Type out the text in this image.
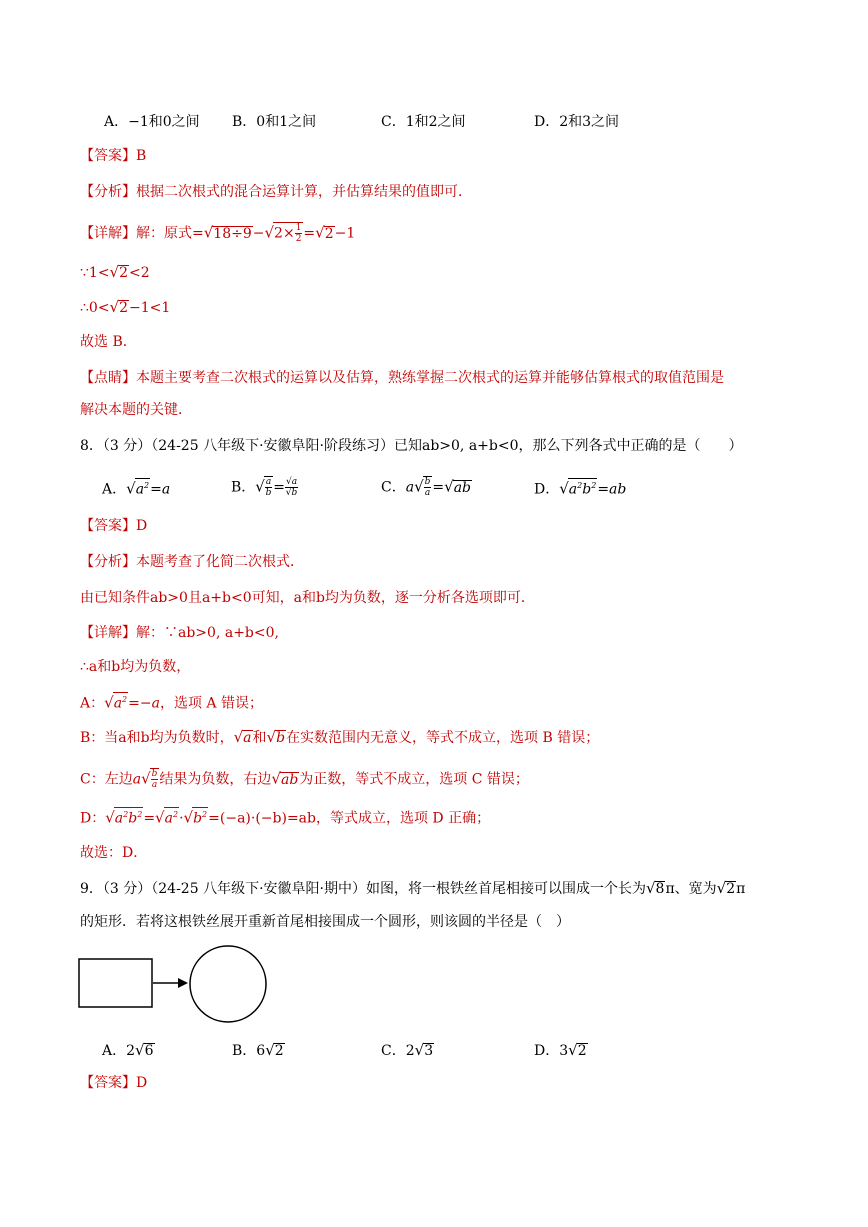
A．−1和0之间 B．0和1之间	C．1和2之间	D．2和3之间
【答案】B
【分析】根据二次根式的混合运算计算，并估算结果的值即可．
【详解】解：原式$=√18\div 9-√2\times \frac{1}{2} =√2-1$
∵1<√2<2
∴0<√2−1<1
故选 B．
【点睛】本题主要考查二次根式的运算以及估算，熟练掌握二次根式的运算并能够估算根式的取值范围是
解决本题的关键．
8．（3 分）（24-25 八年级下·安徽阜阳·阶段练习）已知ab>0, a+b<0，那么下列各式中正确的是（　　）
A．$√a^2=a$	B．√ $\frac{a}{b} = \frac{√a}{√b}$	C．$a√ \frac{b}{a} =√ab$	D．$√a^2b^2=ab$
【答案】D
【分析】本题考查了化简二次根式．
由已知条件ab>0且a+b<0可知，a和b均为负数，逐一分析各选项即可．
【详解】解：∵ab>0, a+b<0,
∴a和b均为负数，
A：$√a^2=-a$，选项 A 错误；
B：当a和b均为负数时，√a和√b在实数范围内无意义，等式不成立，选项 B 错误；
C：左边$a√ \frac{b}{a}$ 结果为负数，右边√ab为正数，等式不成立，选项 C 错误；
D：$√a^2b^2=√a^2\cdot√b^2=(-a)\cdot(-b)=ab$，等式成立，选项 D 正确；
故选：D．
9．（3 分）（24-25 八年级下·安徽阜阳·期中）如图，将一根铁丝首尾相接可以围成一个长为√8π、宽为√2π
的矩形．若将这根铁丝展开重新首尾相接围成一个圆形，则该圆的半径是（　）
A．2√6	B．6√2	C．2√3	D．3√2
【答案】D
